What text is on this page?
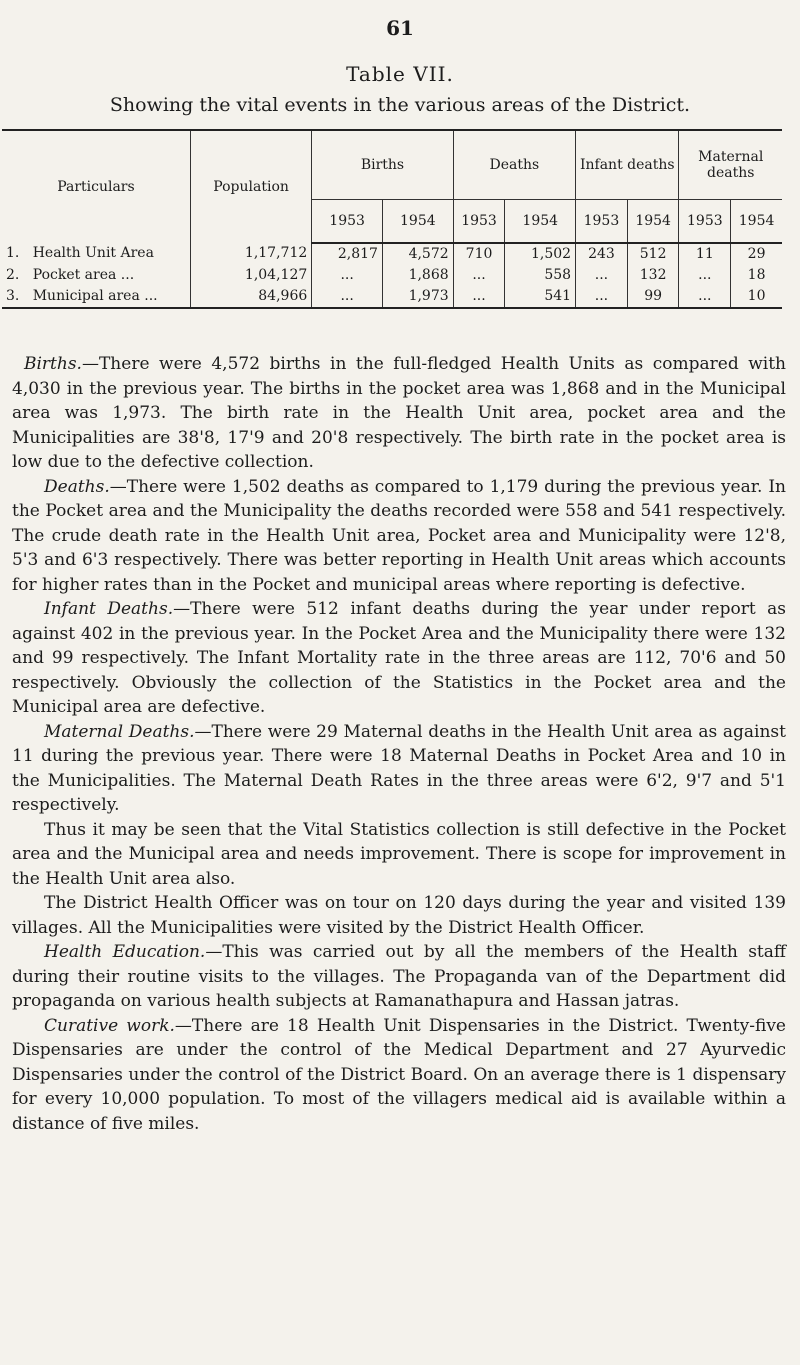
61
Table VII.
Showing the vital events in the various areas of the District.
Particulars	Population	Births		Deaths		Infant deaths		Maternal deaths	
		1953	1954	1953	1954	1953	1954	1953	1954
1. Health Unit Area	1,17,712	2,817	4,572	710	1,502	243	512	11	29
2. Pocket area ...	1,04,127	...	1,868	...	558	...	132	...	18
3. Municipal area ...	84,966	...	1,973	...	541	...	99	...	10

Births.—There were 4,572 births in the full-fledged Health Units as compared with 4,030 in the previous year. The births in the pocket area was 1,868 and in the Municipal area was 1,973. The birth rate in the Health Unit area, pocket area and the Municipalities are 38'8, 17'9 and 20'8 respectively. The birth rate in the pocket area is low due to the defective collection.

Deaths.—There were 1,502 deaths as compared to 1,179 during the previous year. In the Pocket area and the Municipality the deaths recorded were 558 and 541 respectively. The crude death rate in the Health Unit area, Pocket area and Municipality were 12'8, 5'3 and 6'3 respectively. There was better reporting in Health Unit areas which accounts for higher rates than in the Pocket and municipal areas where reporting is defective.

Infant Deaths.—There were 512 infant deaths during the year under report as against 402 in the previous year. In the Pocket Area and the Municipality there were 132 and 99 respectively. The Infant Mortality rate in the three areas are 112, 70'6 and 50 respectively. Obviously the collection of the Statistics in the Pocket area and the Municipal area are defective.

Maternal Deaths.—There were 29 Maternal deaths in the Health Unit area as against 11 during the previous year. There were 18 Maternal Deaths in Pocket Area and 10 in the Municipalities. The Maternal Death Rates in the three areas were 6'2, 9'7 and 5'1 respectively.

Thus it may be seen that the Vital Statistics collection is still defective in the Pocket area and the Municipal area and needs improvement. There is scope for improvement in the Health Unit area also.

The District Health Officer was on tour on 120 days during the year and visited 139 villages. All the Municipalities were visited by the District Health Officer.

Health Education.—This was carried out by all the members of the Health staff during their routine visits to the villages. The Propaganda van of the Department did propaganda on various health subjects at Ramanathapura and Hassan jatras.

Curative work.—There are 18 Health Unit Dispensaries in the District. Twenty-five Dispensaries are under the control of the Medical Department and 27 Ayurvedic Dispensaries under the control of the District Board. On an average there is 1 dispensary for every 10,000 population. To most of the villagers medical aid is available within a distance of five miles.
